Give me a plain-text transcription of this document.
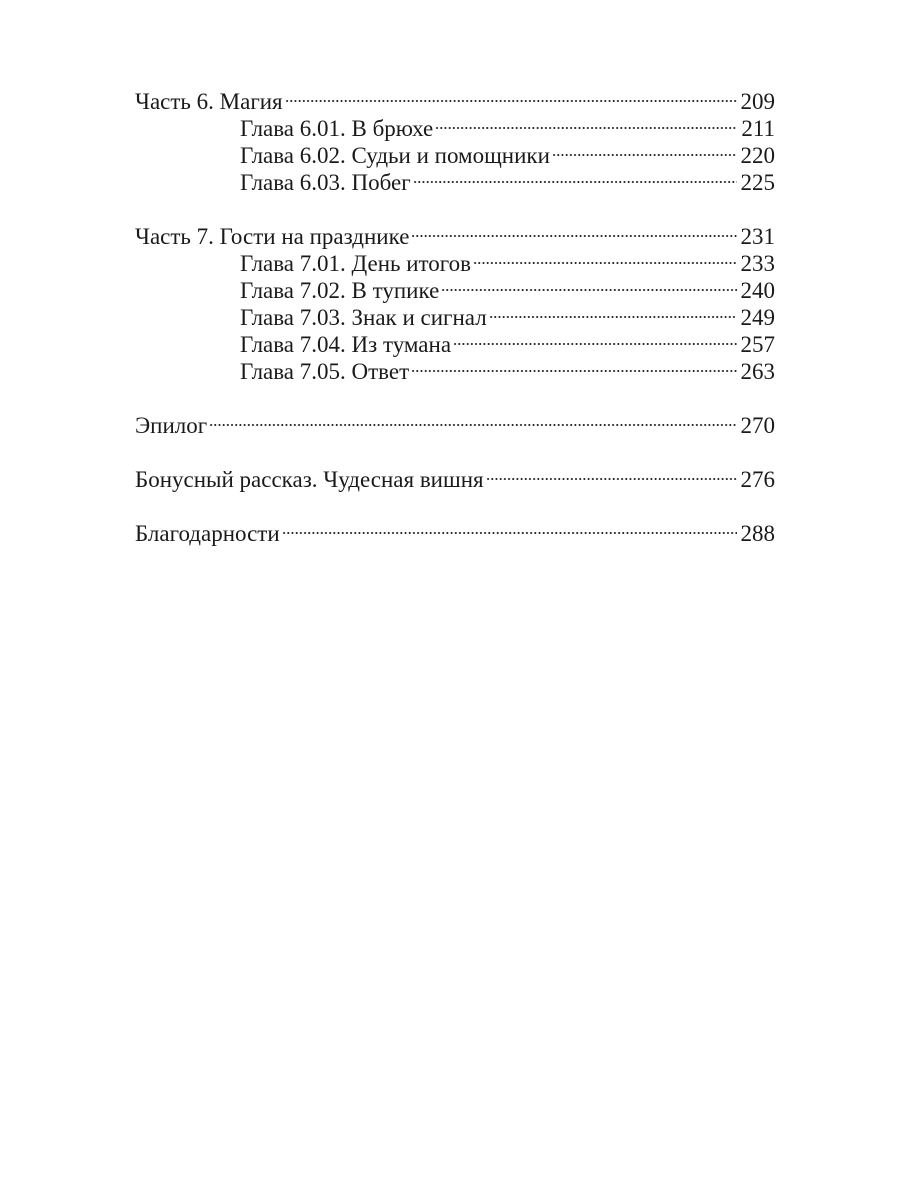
Часть 6. Магия	209
Глава 6.01. В брюхе	211
Глава 6.02. Судьи и помощники	220
Глава 6.03. Побег	225
Часть 7. Гости на празднике	231
Глава 7.01. День итогов	233
Глава 7.02. В тупике	240
Глава 7.03. Знак и сигнал	249
Глава 7.04. Из тумана	257
Глава 7.05. Ответ	263
Эпилог	270
Бонусный рассказ. Чудесная вишня	276
Благодарности	288
